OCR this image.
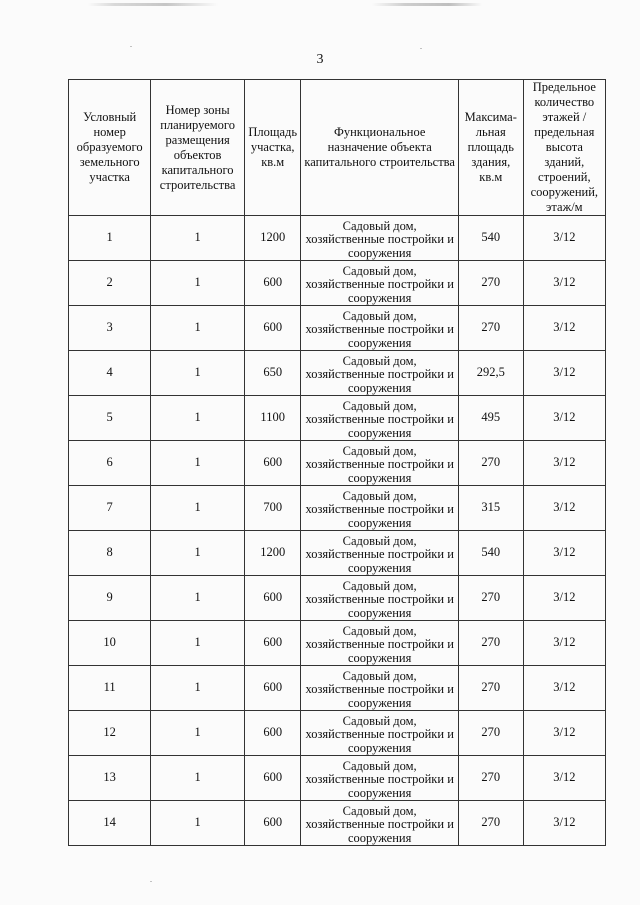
3
Условный номер образуемого земельного участка	Номер зоны планируемого размещения объектов капитального строительства	Площадь участка, кв.м	Функциональное назначение объекта капитального строительства	Максима-льная площадь здания, кв.м	Предельное количество этажей / предельная высота зданий, строений, сооружений, этаж/м
1	1	1200	Садовый дом, хозяйственные постройки и сооружения	540	3/12
2	1	600	Садовый дом, хозяйственные постройки и сооружения	270	3/12
3	1	600	Садовый дом, хозяйственные постройки и сооружения	270	3/12
4	1	650	Садовый дом, хозяйственные постройки и сооружения	292,5	3/12
5	1	1100	Садовый дом, хозяйственные постройки и сооружения	495	3/12
6	1	600	Садовый дом, хозяйственные постройки и сооружения	270	3/12
7	1	700	Садовый дом, хозяйственные постройки и сооружения	315	3/12
8	1	1200	Садовый дом, хозяйственные постройки и сооружения	540	3/12
9	1	600	Садовый дом, хозяйственные постройки и сооружения	270	3/12
10	1	600	Садовый дом, хозяйственные постройки и сооружения	270	3/12
11	1	600	Садовый дом, хозяйственные постройки и сооружения	270	3/12
12	1	600	Садовый дом, хозяйственные постройки и сооружения	270	3/12
13	1	600	Садовый дом, хозяйственные постройки и сооружения	270	3/12
14	1	600	Садовый дом, хозяйственные постройки и сооружения	270	3/12
